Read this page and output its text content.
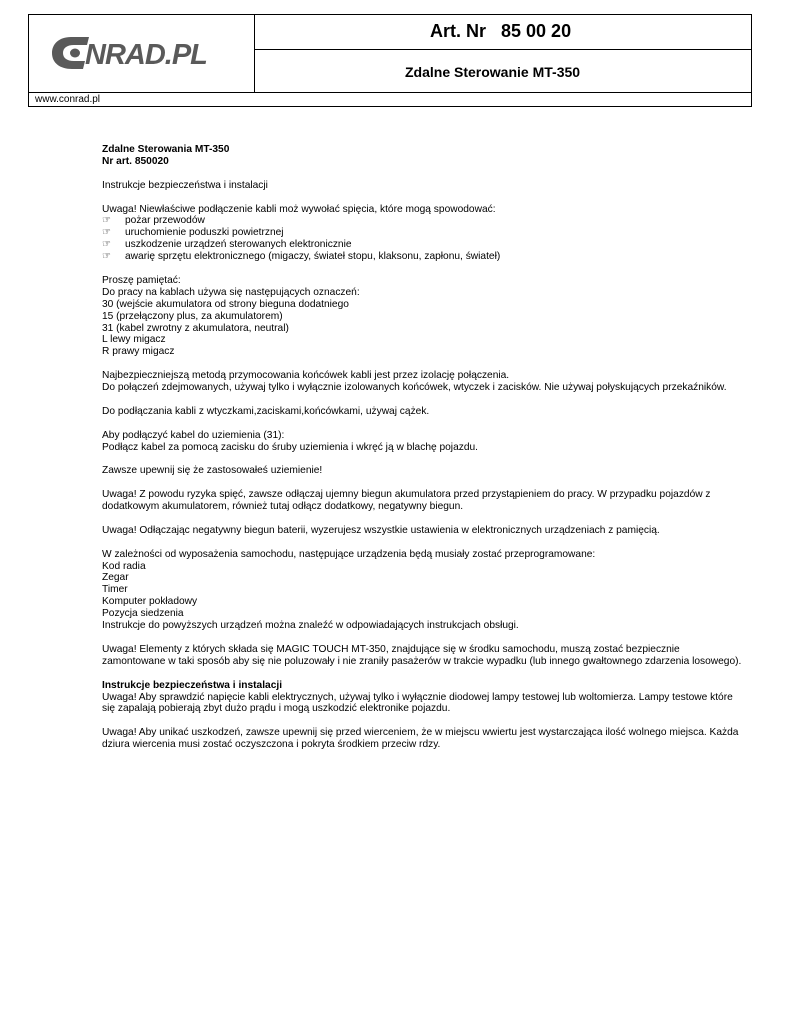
NRAD.PL
Art. Nr   85 00 20
Zdalne Sterowanie MT-350
www.conrad.pl

Zdalne Sterowania MT-350
Nr art. 850020

Instrukcje bezpieczeństwa i instalacji

Uwaga! Niewłaściwe podłączenie kabli moż wywołać spięcia, które mogą spowodować:

☞ pożar przewodów
☞ uruchomienie poduszki powietrznej
☞ uszkodzenie urządzeń sterowanych elektronicznie
☞ awarię sprzętu elektronicznego (migaczy, świateł stopu, klaksonu, zapłonu, świateł)

Proszę pamiętać:
Do pracy na kablach używa się następujących oznaczeń:
30 (wejście akumulatora od strony bieguna dodatniego
15 (przełączony plus, za akumulatorem)
31 (kabel zwrotny z akumulatora, neutral)
L lewy migacz
R prawy migacz

Najbezpieczniejszą metodą przymocowania końcówek kabli jest przez izolację połączenia.
Do połączeń zdejmowanych, używaj tylko i wyłącznie izolowanych końcówek, wtyczek i zacisków. Nie używaj połyskujących przekaźników.

Do podłączania kabli z wtyczkami,zaciskami,końcówkami, używaj cążek.

Aby podłączyć kabel do uziemienia (31):
Podłącz kabel za pomocą zacisku do śruby uziemienia i wkręć ją w blachę pojazdu.

Zawsze upewnij się że zastosowałeś uziemienie!

Uwaga! Z powodu ryzyka spięć, zawsze odłączaj ujemny biegun akumulatora przed przystąpieniem do pracy. W przypadku pojazdów z
dodatkowym akumulatorem, również tutaj odłącz dodatkowy, negatywny biegun.

Uwaga! Odłączając negatywny biegun baterii, wyzerujesz wszystkie ustawienia w elektronicznych urządzeniach z pamięcią.

W zależności od wyposażenia samochodu, następujące urządzenia będą musiały zostać przeprogramowane:
Kod radia
Zegar
Timer
Komputer pokładowy
Pozycja siedzenia
Instrukcje do powyższych urządzeń można znaleźć w odpowiadających instrukcjach obsługi.

Uwaga! Elementy z których składa się MAGIC TOUCH MT-350, znajdujące się w środku samochodu, muszą zostać bezpiecznie
zamontowane w taki sposób aby się nie poluzowały i nie zraniły pasażerów w trakcie wypadku (lub innego gwałtownego zdarzenia losowego).

Instrukcje bezpieczeństwa i instalacji
Uwaga! Aby sprawdzić napięcie kabli elektrycznych, używaj tylko i wyłącznie diodowej lampy testowej lub woltomierza. Lampy testowe które
się zapalają pobierają zbyt dużo prądu i mogą uszkodzić elektronike pojazdu.

Uwaga! Aby unikać uszkodzeń, zawsze upewnij się przed wierceniem, że w miejscu wwiertu jest wystarczająca ilość wolnego miejsca. Każda
dziura wiercenia musi zostać oczyszczona i pokryta środkiem przeciw rdzy.
